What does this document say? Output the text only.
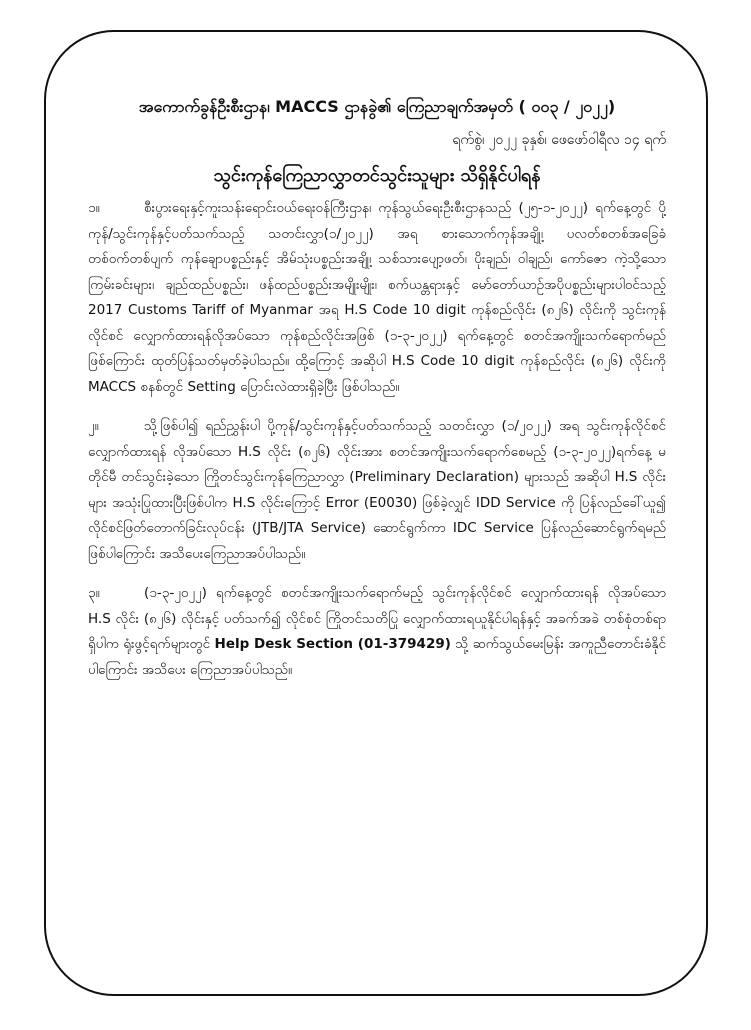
အကောက်ခွန်ဦးစီးဌာန၊ MACCS ဌာနခွဲ၏ ကြေညာချက်အမှတ် ( ၀၀၃ / ၂၀၂၂)
ရက်စွဲ၊ ၂၀၂၂ ခုနှစ်၊ ဖေဖော်ဝါရီလ ၁၄ ရက်
သွင်းကုန်ကြေညာလွှာတင်သွင်းသူများ သိရှိနိုင်ပါရန်
၁။	စီးပွားရေးနှင့်ကူးသန်းရောင်းဝယ်ရေးဝန်ကြီးဌာန၊ ကုန်သွယ်ရေးဦးစီးဌာနသည် (၂၅-၁-၂၀၂၂) ရက်နေ့တွင် ပို့ကုန်/သွင်းကုန်နှင့်ပတ်သက်သည့် သတင်းလွှာ(၁/၂၀၂၂) အရ စားသောက်ကုန်အချို့၊ ပလတ်စတစ်အခြေခံ တစ်ဝက်တစ်ပျက် ကုန်ချောပစ္စည်းနှင့် အိမ်သုံးပစ္စည်းအချို့၊ သစ်သားပျော့ဖတ်၊ ပိုးချည်၊ ဝါချည်၊ ကော်ဇော ကဲ့သို့သော ကြမ်းခင်းများ၊ ချည်ထည်ပစ္စည်း၊ ဖန်ထည်ပစ္စည်းအမျိုးမျိုး၊ စက်ယန္တရားနှင့် မော်တော်ယာဉ်အပိုပစ္စည်းများပါဝင်သည့် 2017 Customs Tariff of Myanmar အရ H.S Code 10 digit ကုန်စည်လိုင်း (၈၂၆) လိုင်းကို သွင်းကုန်လိုင်စင် လျှောက်ထားရန်လိုအပ်သော ကုန်စည်လိုင်းအဖြစ် (၁-၃-၂၀၂၂) ရက်နေ့တွင် စတင်အကျိုးသက်ရောက်မည်ဖြစ်ကြောင်း ထုတ်ပြန်သတ်မှတ်ခဲ့ပါသည်။ ထို့ကြောင့် အဆိုပါ H.S Code 10 digit ကုန်စည်လိုင်း (၈၂၆) လိုင်းကို MACCS စနစ်တွင် Setting ပြောင်းလဲထားရှိခဲ့ပြီး ဖြစ်ပါသည်။
၂။	သို့ဖြစ်ပါ၍ ရည်ညွှန်းပါ ပို့ကုန်/သွင်းကုန်နှင့်ပတ်သက်သည့် သတင်းလွှာ (၁/၂၀၂၂) အရ သွင်းကုန်လိုင်စင်လျှောက်ထားရန် လိုအပ်သော H.S လိုင်း (၈၂၆) လိုင်းအား စတင်အကျိုးသက်ရောက်စေမည့် (၁-၃-၂၀၂၂)ရက်နေ့ မတိုင်မီ တင်သွင်းခဲ့သော ကြိုတင်သွင်းကုန်ကြေညာလွှာ (Preliminary Declaration) များသည် အဆိုပါ H.S လိုင်းများ အသုံးပြုထားပြီးဖြစ်ပါက H.S လိုင်းကြောင့် Error (E0030) ဖြစ်ခဲ့လျှင် IDD Service ကို ပြန်လည်ခေါ်ယူ၍ လိုင်စင်ဖြတ်တောက်ခြင်းလုပ်ငန်း (JTB/JTA Service) ဆောင်ရွက်ကာ IDC Service ပြန်လည်ဆောင်ရွက်ရမည် ဖြစ်ပါကြောင်း အသိပေးကြေညာအပ်ပါသည်။
၃။	(၁-၃-၂၀၂၂) ရက်နေ့တွင် စတင်အကျိုးသက်ရောက်မည့် သွင်းကုန်လိုင်စင် လျှောက်ထားရန် လိုအပ်သော H.S လိုင်း (၈၂၆) လိုင်းနှင့် ပတ်သက်၍ လိုင်စင် ကြိုတင်သတိပြု လျှောက်ထားရယူနိုင်ပါရန်နှင့် အခက်အခဲ တစ်စုံတစ်ရာရှိပါက ရုံးဖွင့်ရက်များတွင် Help Desk Section (01-379429) သို့ ဆက်သွယ်မေးမြန်း အကူညီတောင်းခံနိုင်ပါကြောင်း အသိပေး ကြေညာအပ်ပါသည်။
